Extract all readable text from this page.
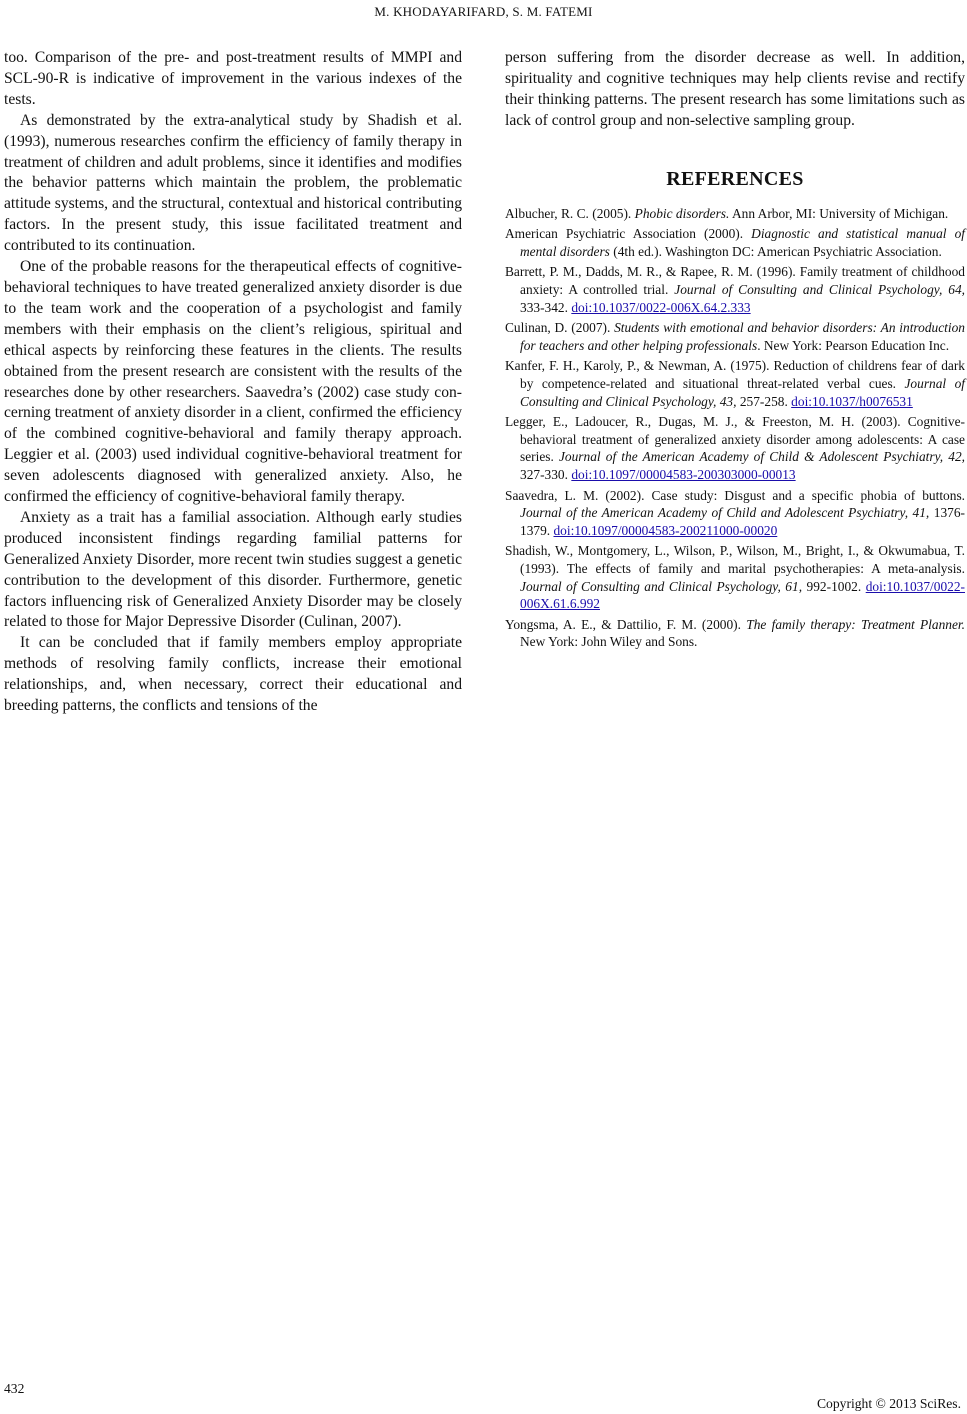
M. KHODAYARIFARD, S. M. FATEMI

too. Comparison of the pre- and post-treatment results of MMPI and SCL-90-R is indicative of improvement in the various indexes of the tests.

As demonstrated by the extra-analytical study by Shadish et al. (1993), numerous researches confirm the efficiency of family therapy in treatment of children and adult problems, since it identifies and modifies the behavior patterns which maintain the problem, the problematic attitude systems, and the structural, contextual and historical contributing factors. In the present study, this issue facilitated treatment and contributed to its continuation.

One of the probable reasons for the therapeutical effects of cognitive-behavioral techniques to have treated generalized anxiety disorder is due to the team work and the cooperation of a psychologist and family members with their emphasis on the client’s religious, spiritual and ethical aspects by reinforcing these features in the clients. The results obtained from the present research are consistent with the results of the researches done by other researchers. Saavedra’s (2002) case study concerning treatment of anxiety disorder in a client, confirmed the efficiency of the combined cognitive-behavioral and family therapy approach. Leggier et al. (2003) used individual cognitive-behavioral treatment for seven adolescents diagnosed with generalized anxiety. Also, he confirmed the efficiency of cognitive-behavioral family therapy.

Anxiety as a trait has a familial association. Although early studies produced inconsistent findings regarding familial patterns for Generalized Anxiety Disorder, more recent twin studies suggest a genetic contribution to the development of this disorder. Furthermore, genetic factors influencing risk of Generalized Anxiety Disorder may be closely related to those for Major Depressive Disorder (Culinan, 2007).

It can be concluded that if family members employ appropriate methods of resolving family conflicts, increase their emotional relationships, and, when necessary, correct their educational and breeding patterns, the conflicts and tensions of the

person suffering from the disorder decrease as well. In addition, spirituality and cognitive techniques may help clients revise and rectify their thinking patterns. The present research has some limitations such as lack of control group and non-selective sampling group.

REFERENCES
Albucher, R. C. (2005). Phobic disorders. Ann Arbor, MI: University of Michigan.
American Psychiatric Association (2000). Diagnostic and statistical manual of mental disorders (4th ed.). Washington DC: American Psychiatric Association.
Barrett, P. M., Dadds, M. R., & Rapee, R. M. (1996). Family treatment of childhood anxiety: A controlled trial. Journal of Consulting and Clinical Psychology, 64, 333-342. doi:10.1037/0022-006X.64.2.333
Culinan, D. (2007). Students with emotional and behavior disorders: An introduction for teachers and other helping professionals. New York: Pearson Education Inc.
Kanfer, F. H., Karoly, P., & Newman, A. (1975). Reduction of childrens fear of dark by competence-related and situational threat-related verbal cues. Journal of Consulting and Clinical Psychology, 43, 257-258. doi:10.1037/h0076531
Legger, E., Ladoucer, R., Dugas, M. J., & Freeston, M. H. (2003). Cognitive-behavioral treatment of generalized anxiety disorder among adolescents: A case series. Journal of the American Academy of Child & Adolescent Psychiatry, 42, 327-330. doi:10.1097/00004583-200303000-00013
Saavedra, L. M. (2002). Case study: Disgust and a specific phobia of buttons. Journal of the American Academy of Child and Adolescent Psychiatry, 41, 1376-1379. doi:10.1097/00004583-200211000-00020
Shadish, W., Montgomery, L., Wilson, P., Wilson, M., Bright, I., & Okwumabua, T. (1993). The effects of family and marital psychotherapies: A meta-analysis. Journal of Consulting and Clinical Psychology, 61, 992-1002. doi:10.1037/0022-006X.61.6.992
Yongsma, A. E., & Dattilio, F. M. (2000). The family therapy: Treatment Planner. New York: John Wiley and Sons.
432
Copyright © 2013 SciRes.
